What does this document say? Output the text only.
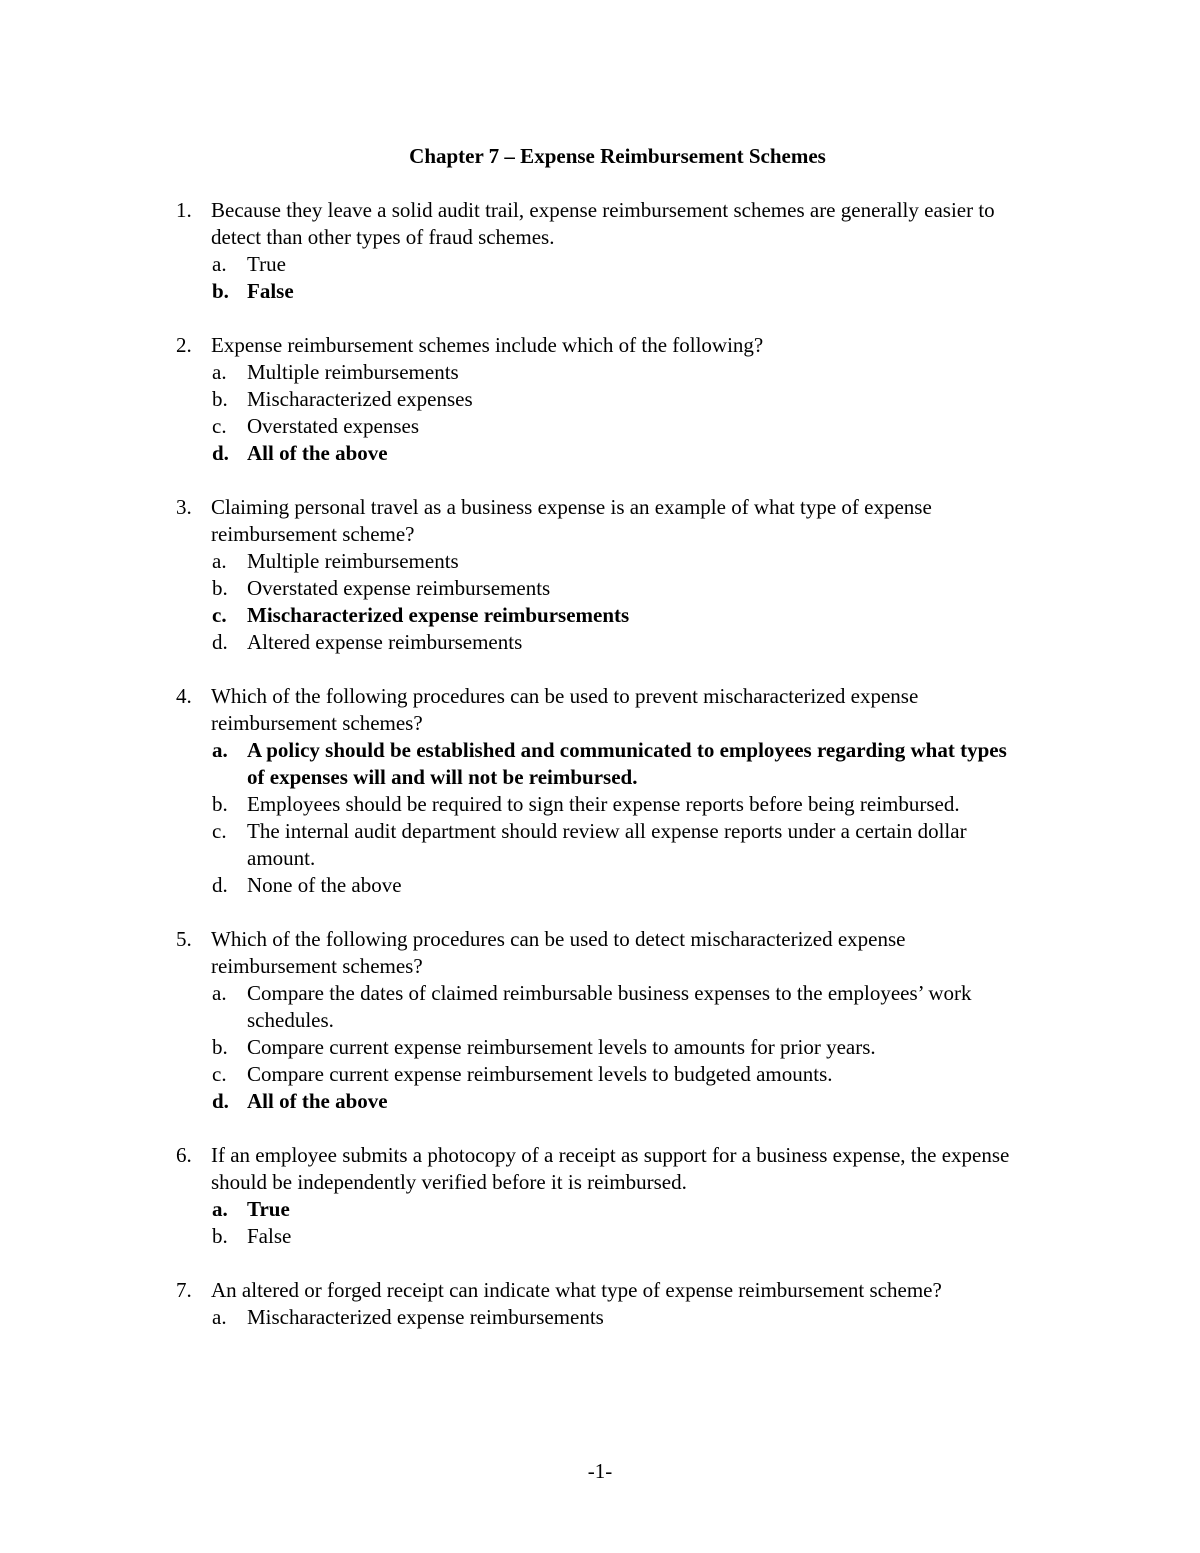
Chapter 7 – Expense Reimbursement Schemes
1. Because they leave a solid audit trail, expense reimbursement schemes are generally easier to detect than other types of fraud schemes.
a. True
b. False
2. Expense reimbursement schemes include which of the following?
a. Multiple reimbursements
b. Mischaracterized expenses
c. Overstated expenses
d. All of the above
3. Claiming personal travel as a business expense is an example of what type of expense reimbursement scheme?
a. Multiple reimbursements
b. Overstated expense reimbursements
c. Mischaracterized expense reimbursements
d. Altered expense reimbursements
4. Which of the following procedures can be used to prevent mischaracterized expense reimbursement schemes?
a. A policy should be established and communicated to employees regarding what types of expenses will and will not be reimbursed.
b. Employees should be required to sign their expense reports before being reimbursed.
c. The internal audit department should review all expense reports under a certain dollar amount.
d. None of the above
5. Which of the following procedures can be used to detect mischaracterized expense reimbursement schemes?
a. Compare the dates of claimed reimbursable business expenses to the employees’ work schedules.
b. Compare current expense reimbursement levels to amounts for prior years.
c. Compare current expense reimbursement levels to budgeted amounts.
d. All of the above
6. If an employee submits a photocopy of a receipt as support for a business expense, the expense should be independently verified before it is reimbursed.
a. True
b. False
7. An altered or forged receipt can indicate what type of expense reimbursement scheme?
a. Mischaracterized expense reimbursements
-1-
